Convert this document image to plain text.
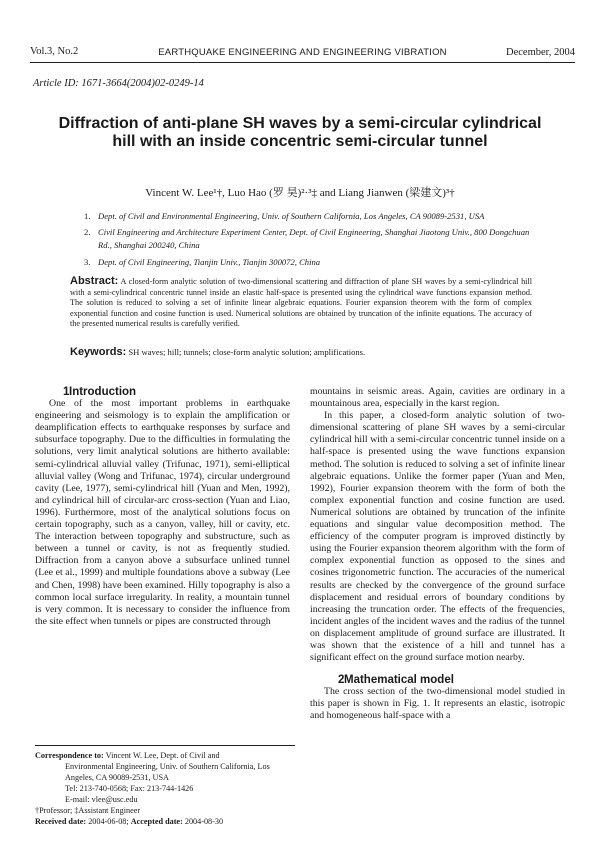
Vol.3, No.2	EARTHQUAKE ENGINEERING AND ENGINEERING VIBRATION	December, 2004
Article ID: 1671-3664(2004)02-0249-14
Diffraction of anti-plane SH waves by a semi-circular cylindrical
hill with an inside concentric semi-circular tunnel
Vincent W. Lee¹†, Luo Hao (罗 昊)²·³‡ and Liang Jianwen (梁建文)³†
1. Dept. of Civil and Environmental Engineering, Univ. of Southern California, Los Angeles, CA 90089-2531, USA
2. Civil Engineering and Architecture Experiment Center, Dept. of Civil Engineering, Shanghai Jiaotong Univ., 800 Dongchuan Rd., Shanghai 200240, China
3. Dept. of Civil Engineering, Tianjin Univ., Tianjin 300072, China
Abstract: A closed-form analytic solution of two-dimensional scattering and diffraction of plane SH waves by a semi-cylindrical hill with a semi-cylindrical concentric tunnel inside an elastic half-space is presented using the cylindrical wave functions expansion method. The solution is reduced to solving a set of infinite linear algebraic equations. Fourier expansion theorem with the form of complex exponential function and cosine function is used. Numerical solutions are obtained by truncation of the infinite equations. The accuracy of the presented numerical results is carefully verified.
Keywords: SH waves; hill; tunnels; close-form analytic solution; amplifications.

1Introduction

One of the most important problems in earthquake engineering and seismology is to explain the amplification or deamplification effects to earthquake responses by surface and subsurface topography. Due to the difficulties in formulating the solutions, very limit analytical solutions are hitherto available: semi-cylindrical alluvial valley (Trifunac, 1971), semi-elliptical alluvial valley (Wong and Trifunac, 1974), circular underground cavity (Lee, 1977), semi-cylindrical hill (Yuan and Men, 1992), and cylindrical hill of circular-arc cross-section (Yuan and Liao, 1996). Furthermore, most of the analytical solutions focus on certain topography, such as a canyon, valley, hill or cavity, etc. The interaction between topography and substructure, such as between a tunnel or cavity, is not as frequently studied. Diffraction from a canyon above a subsurface unlined tunnel (Lee et al., 1999) and multiple foundations above a subway (Lee and Chen, 1998) have been examined. Hilly topography is also a common local surface irregularity. In reality, a mountain tunnel is very common. It is necessary to consider the influence from the site effect when tunnels or pipes are constructed through

mountains in seismic areas. Again, cavities are ordinary in a mountainous area, especially in the karst region.

In this paper, a closed-form analytic solution of two-dimensional scattering of plane SH waves by a semi-circular cylindrical hill with a semi-circular concentric tunnel inside on a half-space is presented using the wave functions expansion method. The solution is reduced to solving a set of infinite linear algebraic equations. Unlike the former paper (Yuan and Men, 1992), Fourier expansion theorem with the form of both the complex exponential function and cosine function are used. Numerical solutions are obtained by truncation of the infinite equations and singular value decomposition method. The efficiency of the computer program is improved distinctly by using the Fourier expansion theorem algorithm with the form of complex exponential function as opposed to the sines and cosines trigonometric function. The accuracies of the numerical results are checked by the convergence of the ground surface displacement and residual errors of boundary conditions by increasing the truncation order. The effects of the frequencies, incident angles of the incident waves and the radius of the tunnel on displacement amplitude of ground surface are illustrated. It was shown that the existence of a hill and tunnel has a significant effect on the ground surface motion nearby.

2Mathematical model

The cross section of the two-dimensional model studied in this paper is shown in Fig. 1. It represents an elastic, isotropic and homogeneous half-space with a

Correspondence to: Vincent W. Lee, Dept. of Civil and
Environmental Engineering, Univ. of Southern California, Los
Angeles, CA 90089-2531, USA
Tel: 213-740-0568; Fax: 213-744-1426
E-mail: vlee@usc.edu
†Professor; ‡Assistant Engineer
Received date: 2004-06-08; Accepted date: 2004-08-30
